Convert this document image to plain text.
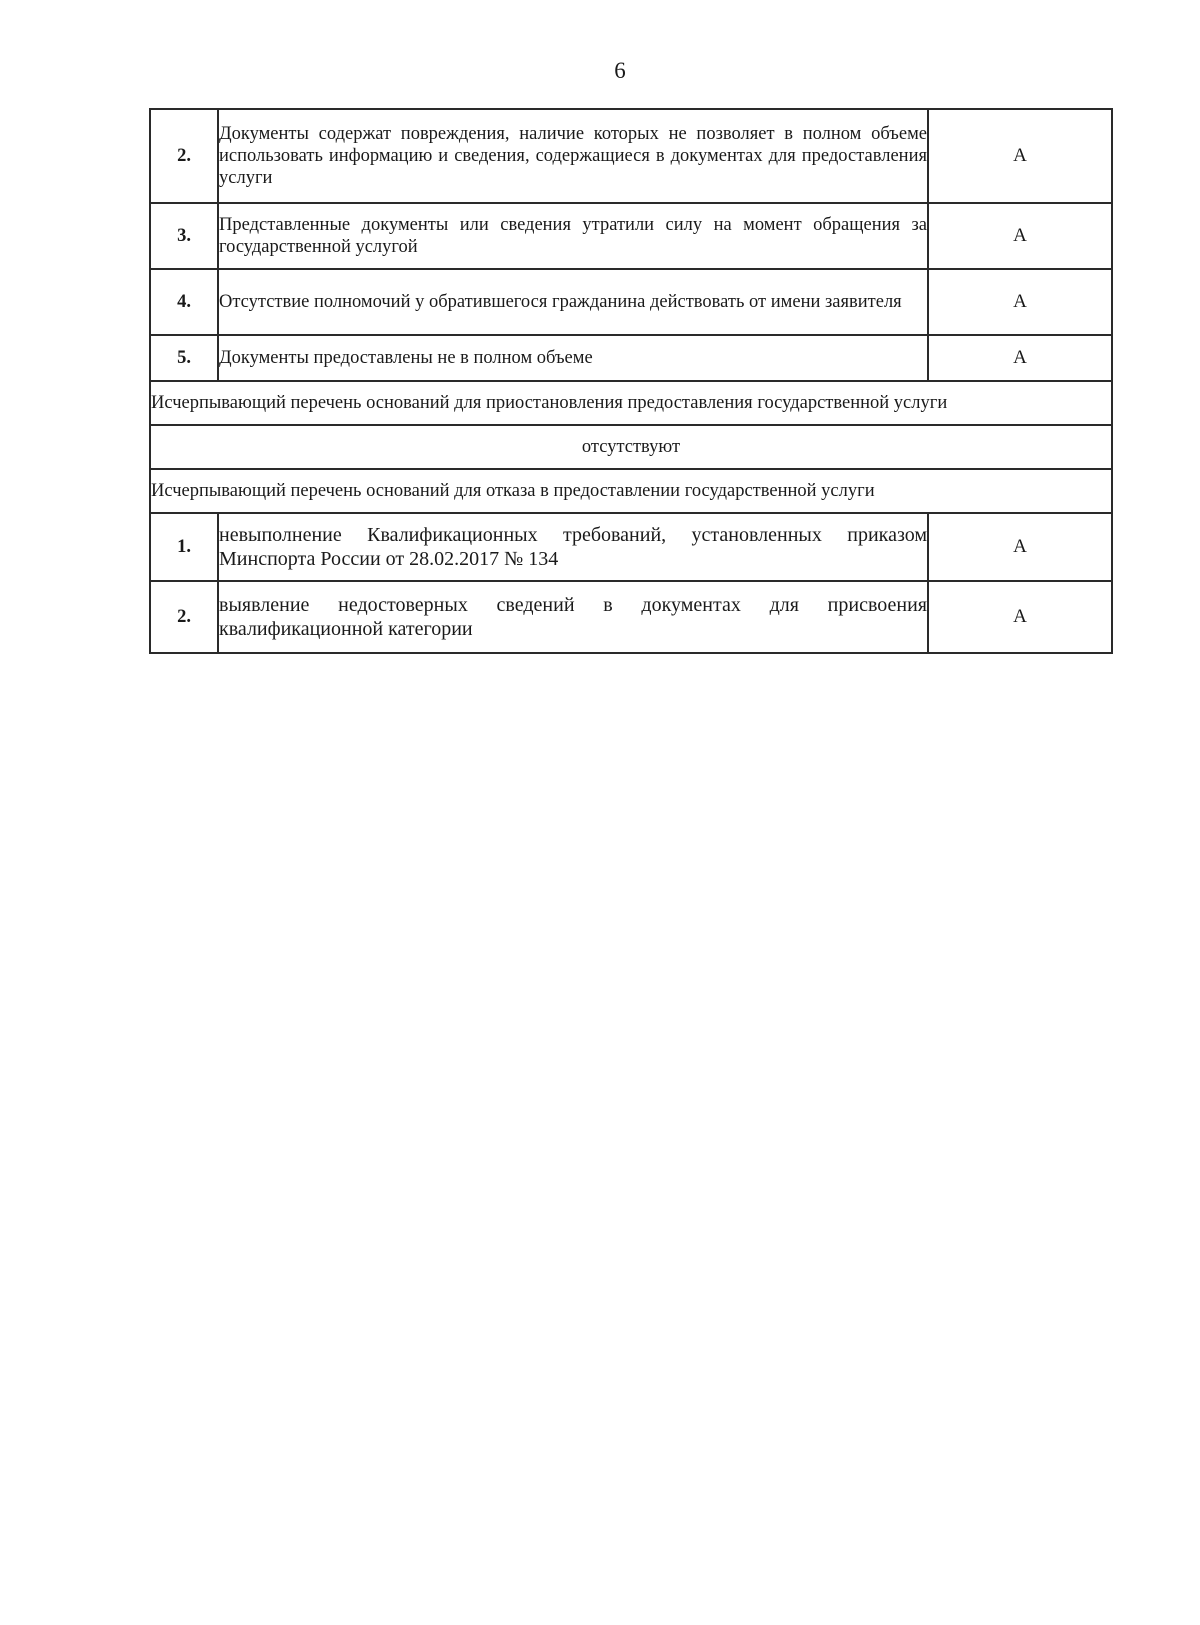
6
2.	Документы содержат повреждения, наличие которых не позволяет в полном объеме использовать информацию и сведения, содержащиеся в документах для предоставления услуги	А
3.	Представленные документы или сведения утратили силу на момент обращения за государственной услугой	А
4.	Отсутствие полномочий у обратившегося гражданина действовать от имени заявителя	А
5.	Документы предоставлены не в полном объеме	А
Исчерпывающий перечень оснований для приостановления предоставления государственной услуги		
отсутствуют		
Исчерпывающий перечень оснований для отказа в предоставлении государственной услуги		
1.	невыполнение Квалификационных требований, установленных приказом Минспорта России от 28.02.2017 № 134	А
2.	выявление недостоверных сведений в документах для присвоения квалификационной категории	А
